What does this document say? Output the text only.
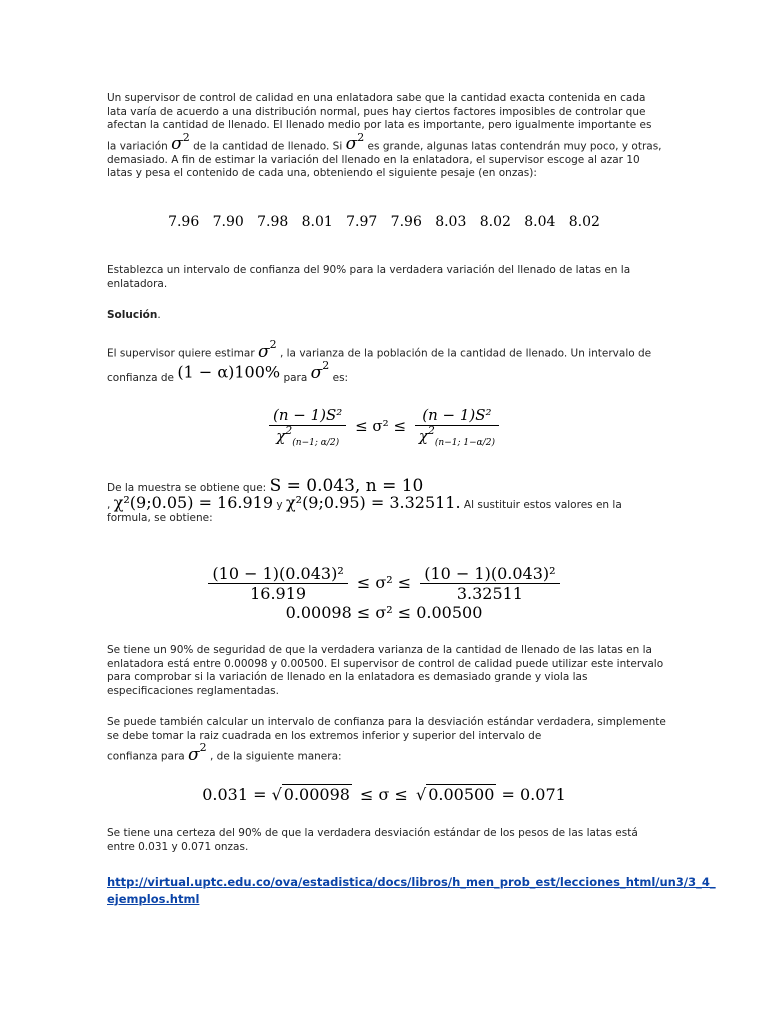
Un supervisor de control de calidad en una enlatadora sabe que la cantidad exacta contenida en cada lata varía de acuerdo a una distribución normal, pues hay ciertos factores imposibles de controlar que afectan la cantidad de llenado. El llenado medio por lata es importante, pero igualmente importante es
la variación $\sigma^2$ de la cantidad de llenado. Si $\sigma^2$ es grande, algunas latas contendrán muy poco, y otras, demasiado. A fin de estimar la variación del llenado en la enlatadora, el supervisor escoge al azar 10 latas y pesa el contenido de cada una, obteniendo el siguiente pesaje (en onzas):
7.96   7.90   7.98   8.01   7.97   7.96   8.03   8.02   8.04   8.02
Establezca un intervalo de confianza del 90% para la verdadera variación del llenado de latas en la enlatadora.
Solución.
El supervisor quiere estimar $\sigma^2$ , la varianza de la población de la cantidad de llenado. Un intervalo de
confianza de (1 − α)100% para $\sigma^2$ es:
$\frac{\text{(n − 1)S²}}{\chi^2_{(n-1; \alpha/2)}} \le \sigma^2 \le \frac{\text{(n − 1)S²}}{\chi^2_{(n-1; 1-\alpha/2)}}$
De la muestra se obtiene que: S = 0.043, n = 10
, χ²(9;0.05) = 16.919 y χ²(9;0.95) = 3.32511. Al sustituir estos valores en la formula, se obtiene:
$\frac{\text{(10 − 1)(0.043)²}}{16.919} \le \sigma^2 \le \frac{\text{(10 − 1)(0.043)²}}{3.32511}$
0.00098 ≤ σ² ≤ 0.00500
Se tiene un 90% de seguridad de que la verdadera varianza de la cantidad de llenado de las latas en la enlatadora está entre 0.00098 y 0.00500. El supervisor de control de calidad puede utilizar este intervalo para comprobar si la variación de llenado en la enlatadora es demasiado grande y viola las especificaciones reglamentadas.
Se puede también calcular un intervalo de confianza para la desviación estándar verdadera, simplemente se debe tomar la raiz cuadrada en los extremos inferior y superior del intervalo de
confianza para $\sigma^2$ , de la siguiente manera:
0.031 = √ 0.00098 ≤ σ ≤ √ 0.00500 = 0.071
Se tiene una certeza del 90% de que la verdadera desviación estándar de los pesos de las latas está entre 0.031 y 0.071 onzas.
http://virtual.uptc.edu.co/ova/estadistica/docs/libros/h_men_prob_est/lecciones_html/un3/3_4_
ejemplos.html
